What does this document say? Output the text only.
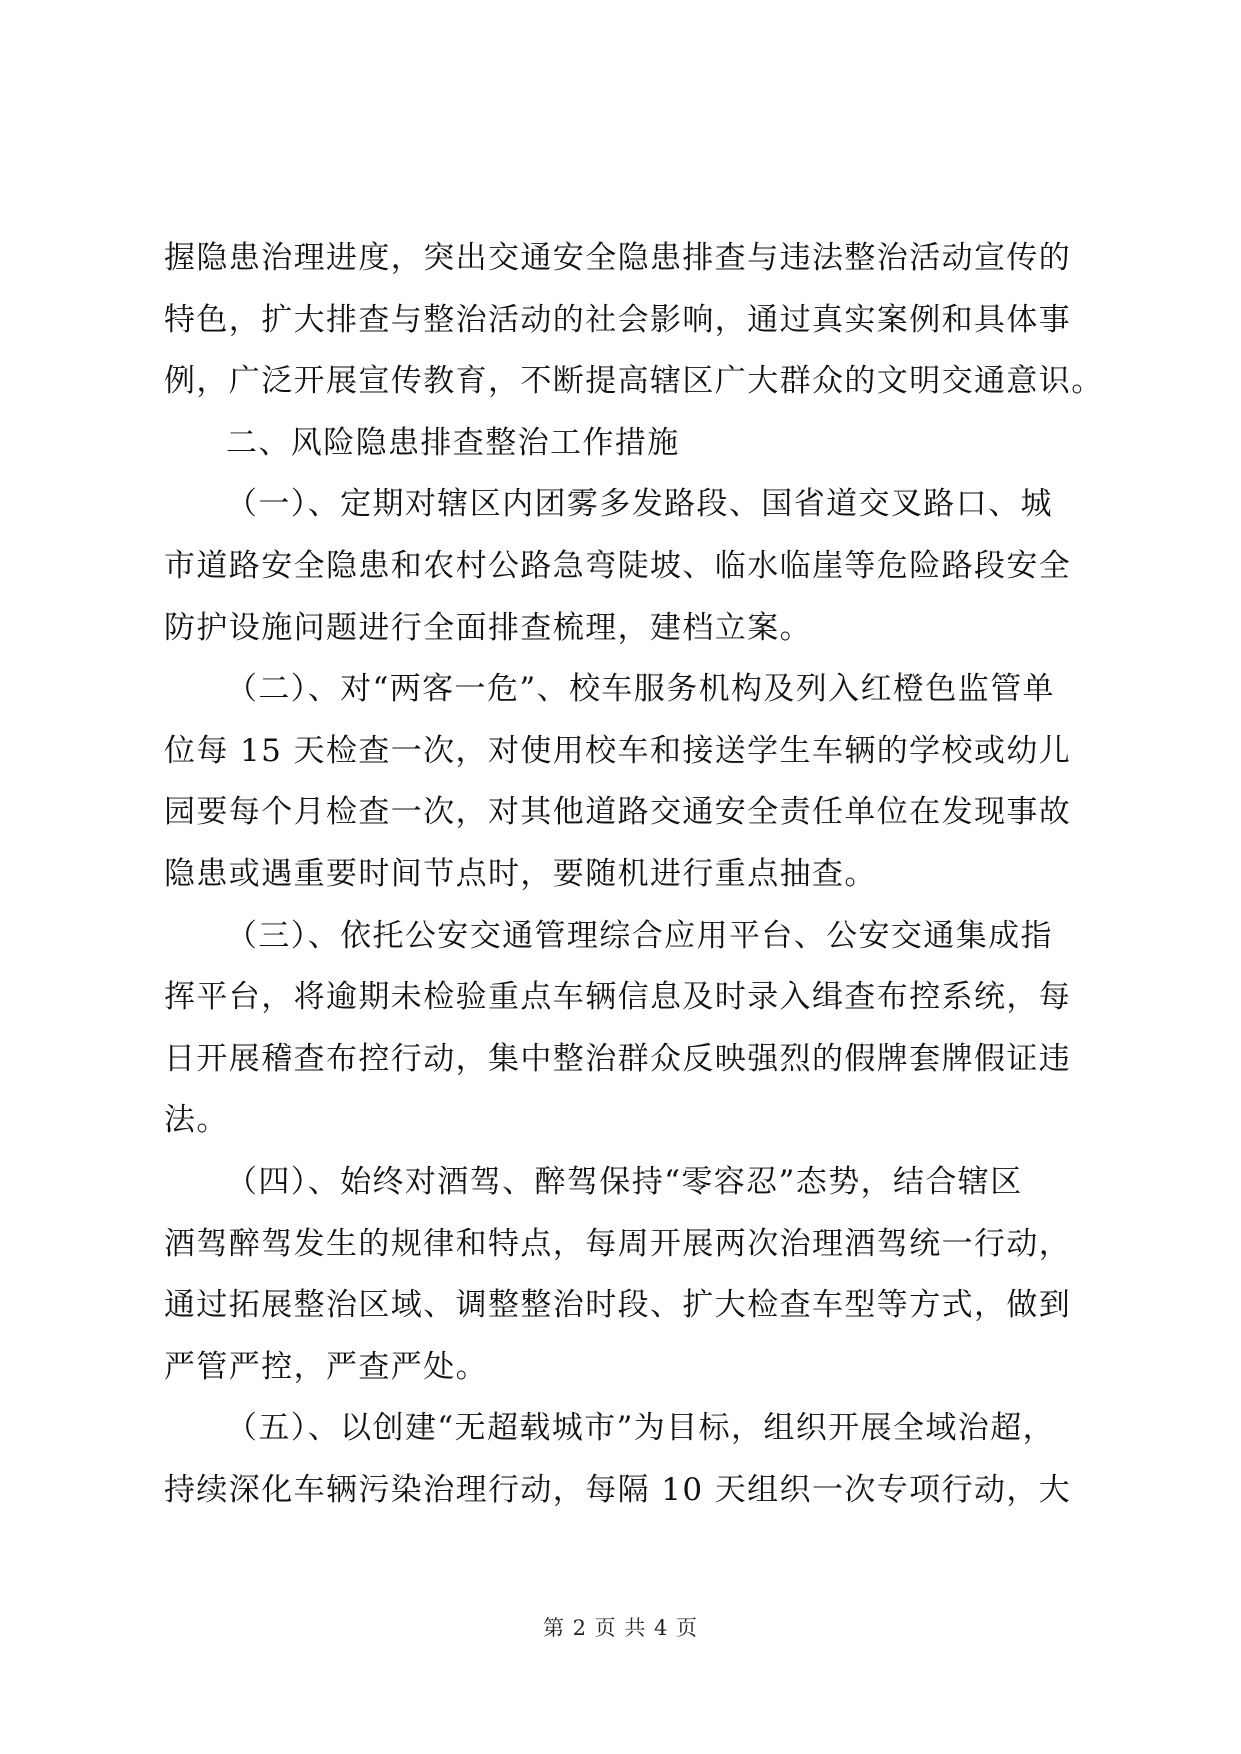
握隐患治理进度，突出交通安全隐患排查与违法整治活动宣传的
特色，扩大排查与整治活动的社会影响，通过真实案例和具体事
例，广泛开展宣传教育，不断提高辖区广大群众的文明交通意识。
二、风险隐患排查整治工作措施
（一）、定期对辖区内团雾多发路段、国省道交叉路口、城
市道路安全隐患和农村公路急弯陡坡、临水临崖等危险路段安全
防护设施问题进行全面排查梳理，建档立案。
（二）、对“两客一危”、校车服务机构及列入红橙色监管单
位每 15 天检查一次，对使用校车和接送学生车辆的学校或幼儿
园要每个月检查一次，对其他道路交通安全责任单位在发现事故
隐患或遇重要时间节点时，要随机进行重点抽查。
（三）、依托公安交通管理综合应用平台、公安交通集成指
挥平台，将逾期未检验重点车辆信息及时录入缉查布控系统，每
日开展稽查布控行动，集中整治群众反映强烈的假牌套牌假证违
法。
（四）、始终对酒驾、醉驾保持“零容忍”态势，结合辖区
酒驾醉驾发生的规律和特点，每周开展两次治理酒驾统一行动，
通过拓展整治区域、调整整治时段、扩大检查车型等方式，做到
严管严控，严查严处。
（五）、以创建“无超载城市”为目标，组织开展全域治超，
持续深化车辆污染治理行动，每隔 10 天组织一次专项行动，大
第 2 页 共 4 页
